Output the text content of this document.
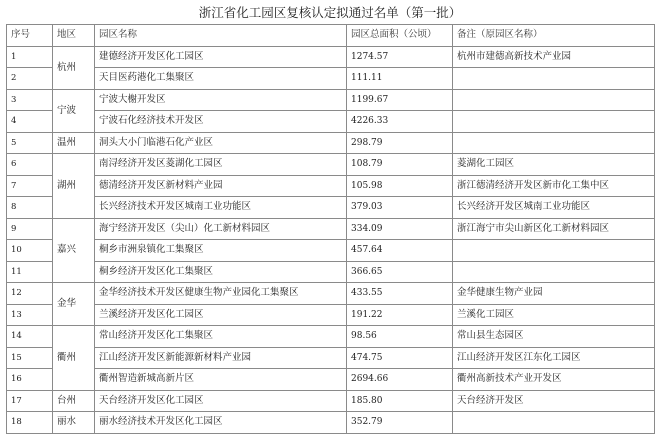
浙江省化工园区复核认定拟通过名单（第一批）
序号	地区	园区名称	园区总面积（公顷）	备注（原园区名称）
1	杭州	建德经济开发区化工园区	1274.57	杭州市建德高新技术产业园
2		天目医药港化工集聚区	111.11	
3	宁波	宁波大榭开发区	1199.67	
4		宁波石化经济技术开发区	4226.33	
5	温州	洞头大小门临港石化产业区	298.79	
6	湖州	南浔经济开发区菱湖化工园区	108.79	菱湖化工园区
7		德清经济开发区新材料产业园	105.98	浙江德清经济开发区新市化工集中区
8		长兴经济技术开发区城南工业功能区	379.03	长兴经济开发区城南工业功能区
9	嘉兴	海宁经济开发区（尖山）化工新材料园区	334.09	浙江海宁市尖山新区化工新材料园区
10		桐乡市洲泉镇化工集聚区	457.64	
11		桐乡经济开发区化工集聚区	366.65	
12	金华	金华经济技术开发区健康生物产业园化工集聚区	433.55	金华健康生物产业园
13		兰溪经济开发区化工园区	191.22	兰溪化工园区
14	衢州	常山经济开发区化工集聚区	98.56	常山县生态园区
15		江山经济开发区新能源新材料产业园	474.75	江山经济开发区江东化工园区
16		衢州智造新城高新片区	2694.66	衢州高新技术产业开发区
17	台州	天台经济开发区化工园区	185.80	天台经济开发区
18	丽水	丽水经济技术开发区化工园区	352.79	
